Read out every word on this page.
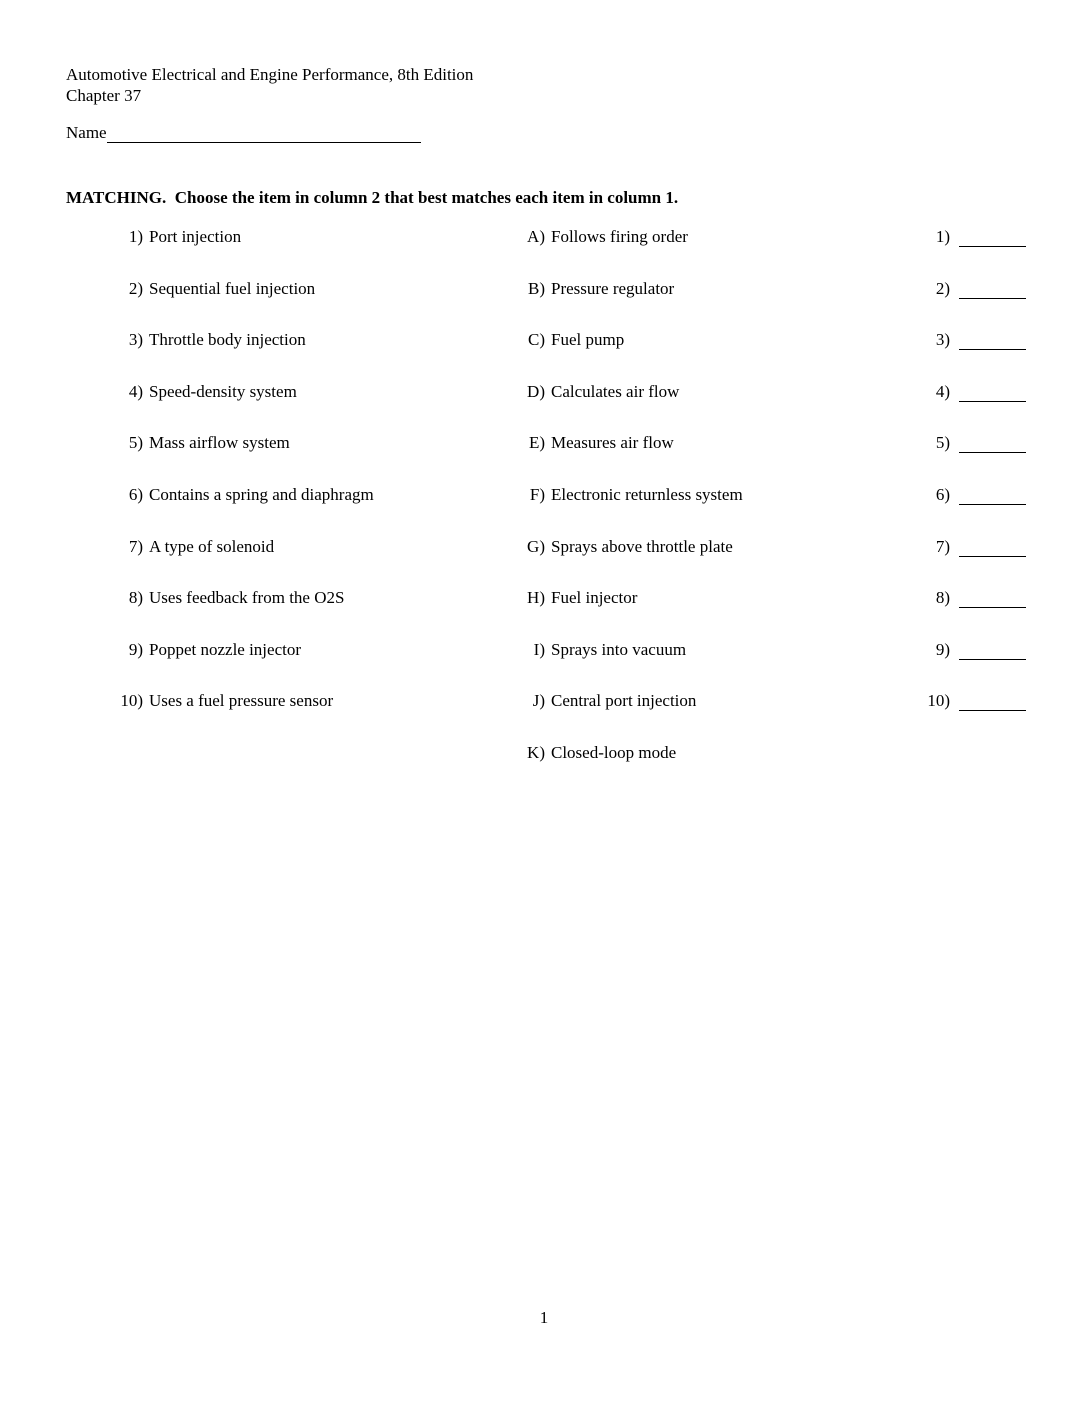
Automotive Electrical and Engine Performance, 8th Edition
Chapter 37
Name
MATCHING.  Choose the item in column 2 that best matches each item in column 1.
1) Port injection	A) Follows firing order	1)
2) Sequential fuel injection	B) Pressure regulator	2)
3) Throttle body injection	C) Fuel pump	3)
4) Speed-density system	D) Calculates air flow	4)
5) Mass airflow system	E) Measures air flow	5)
6) Contains a spring and diaphragm	F) Electronic returnless system	6)
7) A type of solenoid	G) Sprays above throttle plate	7)
8) Uses feedback from the O2S	H) Fuel injector	8)
9) Poppet nozzle injector	I) Sprays into vacuum	9)
10) Uses a fuel pressure sensor	J) Central port injection	10)
K) Closed-loop mode
1
